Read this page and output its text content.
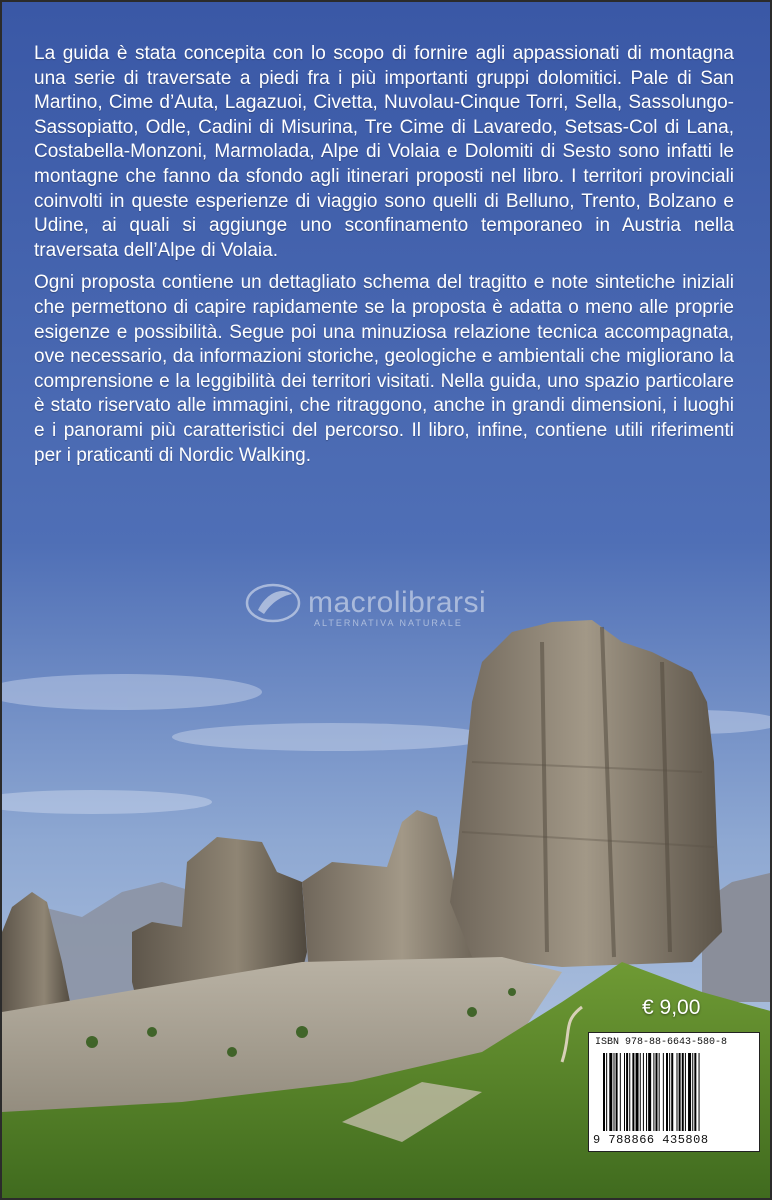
La guida è stata concepita con lo scopo di fornire agli appassionati di montagna una serie di traversate a piedi fra i più importanti gruppi dolomitici. Pale di San Martino, Cime d’Auta, Lagazuoi, Civetta, Nuvolau-Cinque Torri, Sella, Sassolungo-Sassopiatto, Odle, Cadini di Misurina, Tre Cime di Lavaredo, Setsas-Col di Lana, Costabella-Monzoni, Marmolada, Alpe di Volaia e Dolomiti di Sesto sono infatti le montagne che fanno da sfondo agli itinerari proposti nel libro. I territori provinciali coinvolti in queste esperienze di viaggio sono quelli di Belluno, Trento, Bolzano e Udine, ai quali si aggiunge uno sconfinamento temporaneo in Austria nella traversata dell’Alpe di Volaia.

Ogni proposta contiene un dettagliato schema del tragitto e note sintetiche iniziali che permettono di capire rapidamente se la proposta è adatta o meno alle proprie esigenze e possibilità. Segue poi una minuziosa relazione tecnica accompagnata, ove necessario, da informazioni storiche, geologiche e ambientali che migliorano la comprensione e la leggibilità dei territori visitati. Nella guida, uno spazio particolare è stato riservato alle immagini, che ritraggono, anche in grandi dimensioni, i luoghi e i panorami più caratteristici del percorso. Il libro, infine, contiene utili riferimenti per i praticanti di Nordic Walking.

macrolibrarsi
ALTERNATIVA NATURALE
€ 9,00
ISBN 978-88-6643-580-8
9 788866 435808
